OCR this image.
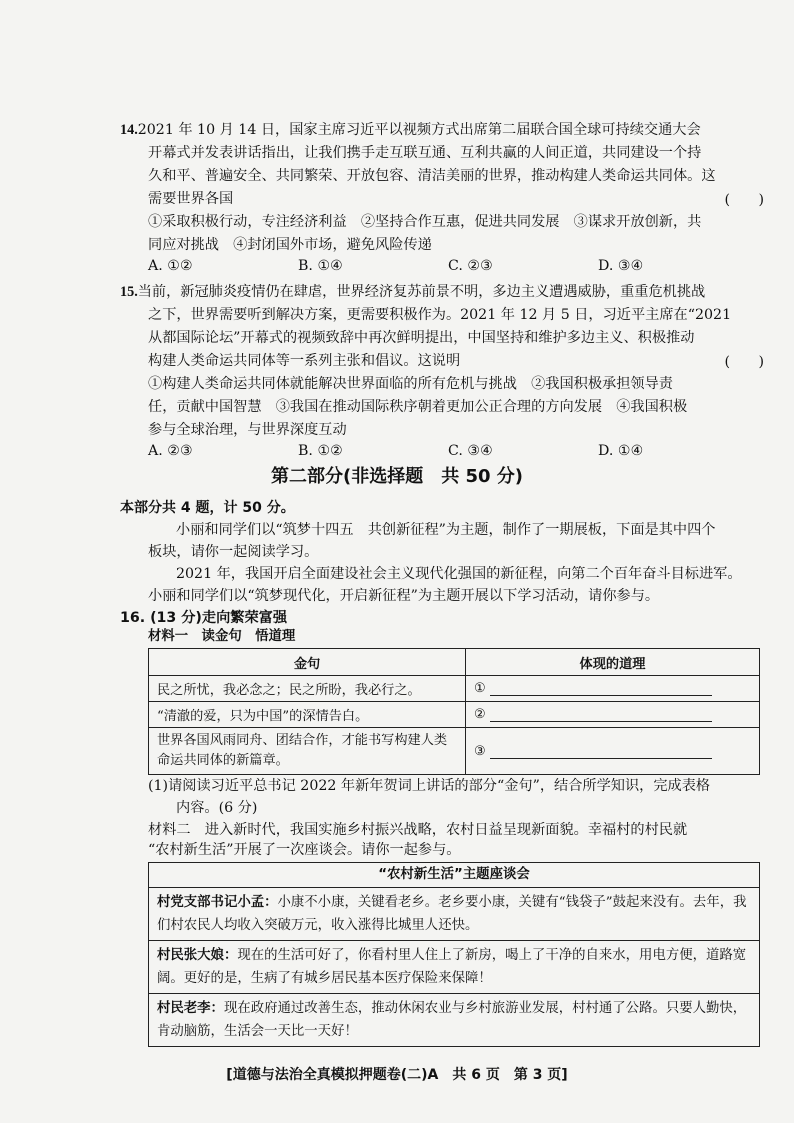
14.2021 年 10 月 14 日，国家主席习近平以视频方式出席第二届联合国全球可持续交通大会
开幕式并发表讲话指出，让我们携手走互联互通、互利共赢的人间正道，共同建设一个持
久和平、普遍安全、共同繁荣、开放包容、清洁美丽的世界，推动构建人类命运共同体。这
需要世界各国	(　　)
①采取积极行动，专注经济利益　②坚持合作互惠，促进共同发展　③谋求开放创新，共
同应对挑战　④封闭国外市场，避免风险传递
A. ①②	B. ①④	C. ②③	D. ③④
15.当前，新冠肺炎疫情仍在肆虐，世界经济复苏前景不明，多边主义遭遇威胁，重重危机挑战
之下，世界需要听到解决方案，更需要积极作为。2021 年 12 月 5 日，习近平主席在“2021
从都国际论坛”开幕式的视频致辞中再次鲜明提出，中国坚持和维护多边主义、积极推动
构建人类命运共同体等一系列主张和倡议。这说明	(　　)
①构建人类命运共同体就能解决世界面临的所有危机与挑战　②我国积极承担领导责
任，贡献中国智慧　③我国在推动国际秩序朝着更加公正合理的方向发展　④我国积极
参与全球治理，与世界深度互动
A. ②③	B. ①②	C. ③④	D. ①④
第二部分(非选择题　共 50 分)
本部分共 4 题，计 50 分。
小丽和同学们以“筑梦十四五　共创新征程”为主题，制作了一期展板，下面是其中四个
板块，请你一起阅读学习。
2021 年，我国开启全面建设社会主义现代化强国的新征程，向第二个百年奋斗目标进军。
小丽和同学们以“筑梦现代化，开启新征程”为主题开展以下学习活动，请你参与。
16. (13 分)走向繁荣富强
材料一　读金句　悟道理
金句	体现的道理
民之所忧，我必念之；民之所盼，我必行之。	①
“清澈的爱，只为中国”的深情告白。	②
世界各国风雨同舟、团结合作，才能书写构建人类命运共同体的新篇章。	③
(1)请阅读习近平总书记 2022 年新年贺词上讲话的部分“金句”，结合所学知识，完成表格
内容。(6 分)
材料二　进入新时代，我国实施乡村振兴战略，农村日益呈现新面貌。幸福村的村民就
“农村新生活”开展了一次座谈会。请你一起参与。
“农村新生活”主题座谈会
村党支部书记小孟：小康不小康，关键看老乡。老乡要小康，关键有“钱袋子”鼓起来没有。去年，我们村农民人均收入突破万元，收入涨得比城里人还快。
村民张大娘：现在的生活可好了，你看村里人住上了新房，喝上了干净的自来水，用电方便，道路宽阔。更好的是，生病了有城乡居民基本医疗保险来保障！
村民老李：现在政府通过改善生态，推动休闲农业与乡村旅游业发展，村村通了公路。只要人勤快，肯动脑筋，生活会一天比一天好！
[道德与法治全真模拟押题卷(二)A　共 6 页　第 3 页]
